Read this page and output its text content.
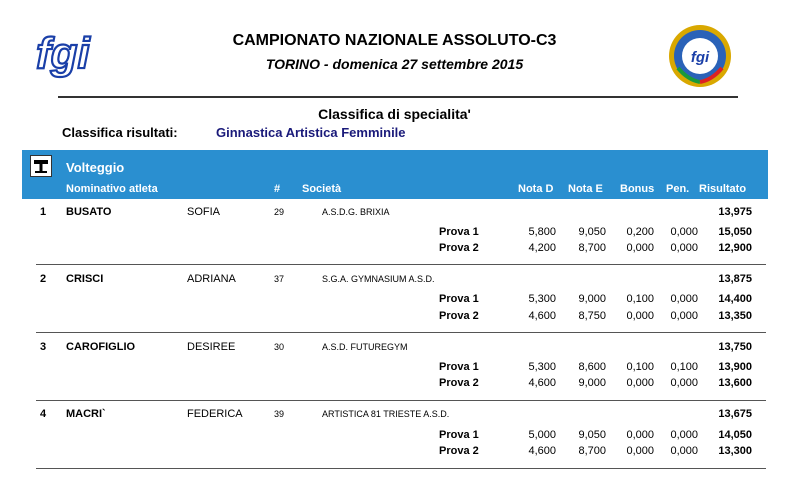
fgi	CAMPIONATO NAZIONALE ASSOLUTO-C3
TORINO - domenica 27 settembre 2015	fgi
Classifica di specialita'
Classifica risultati:	Ginnastica Artistica Femminile
Volteggio
Nominativo atleta	# Società	Nota D Nota E Bonus Pen. Risultato
1 BUSATO	SOFIA	29	A.S.D.G. BRIXIA	13,975
Prova 1	5,800	9,050	0,200	0,000	15,050
Prova 2	4,200	8,700	0,000	0,000	12,900
2 CRISCI	ADRIANA	37	S.G.A. GYMNASIUM A.S.D.	13,875
Prova 1	5,300	9,000	0,100	0,000	14,400
Prova 2	4,600	8,750	0,000	0,000	13,350
3 CAROFIGLIO	DESIREE	30	A.S.D. FUTUREGYM	13,750
Prova 1	5,300	8,600	0,100	0,100	13,900
Prova 2	4,600	9,000	0,000	0,000	13,600
4 MACRI`	FEDERICA	39	ARTISTICA 81 TRIESTE A.S.D.	13,675
Prova 1	5,000	9,050	0,000	0,000	14,050
Prova 2	4,600	8,700	0,000	0,000	13,300
